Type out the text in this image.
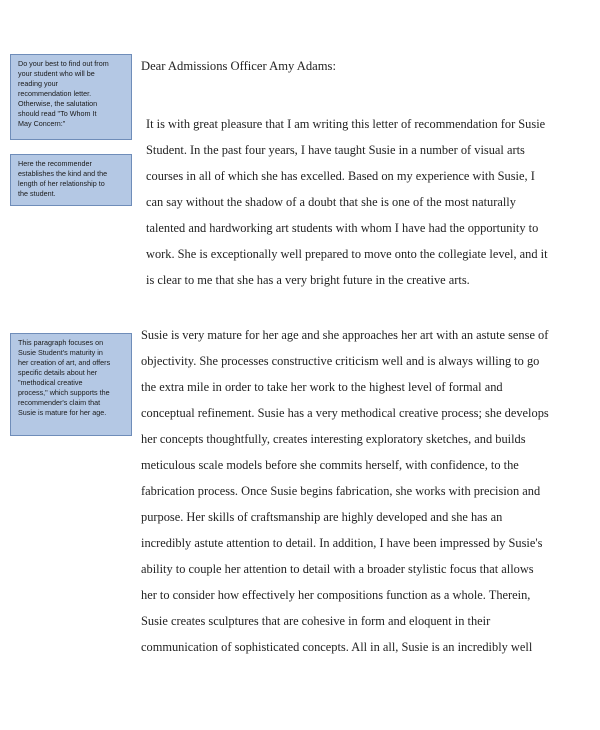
Do your best to find out from
your student who will be
reading your
recommendation letter.
Otherwise, the salutation
should read "To Whom It
May Concern:"
Here the recommender
establishes the kind and the
length of her relationship to
the student.
This paragraph focuses on
Susie Student's maturity in
her creation of art, and offers
specific details about her
"methodical creative
process," which supports the
recommender's claim that
Susie is mature for her age.
Dear Admissions Officer Amy Adams:
It is with great pleasure that I am writing this letter of recommendation for Susie
Student. In the past four years, I have taught Susie in a number of visual arts
courses in all of which she has excelled. Based on my experience with Susie, I
can say without the shadow of a doubt that she is one of the most naturally
talented and hardworking art students with whom I have had the opportunity to
work. She is exceptionally well prepared to move onto the collegiate level, and it
is clear to me that she has a very bright future in the creative arts.
Susie is very mature for her age and she approaches her art with an astute sense of
objectivity. She processes constructive criticism well and is always willing to go
the extra mile in order to take her work to the highest level of formal and
conceptual refinement. Susie has a very methodical creative process; she develops
her concepts thoughtfully, creates interesting exploratory sketches, and builds
meticulous scale models before she commits herself, with confidence, to the
fabrication process. Once Susie begins fabrication, she works with precision and
purpose. Her skills of craftsmanship are highly developed and she has an
incredibly astute attention to detail. In addition, I have been impressed by Susie's
ability to couple her attention to detail with a broader stylistic focus that allows
her to consider how effectively her compositions function as a whole. Therein,
Susie creates sculptures that are cohesive in form and eloquent in their
communication of sophisticated concepts. All in all, Susie is an incredibly well
